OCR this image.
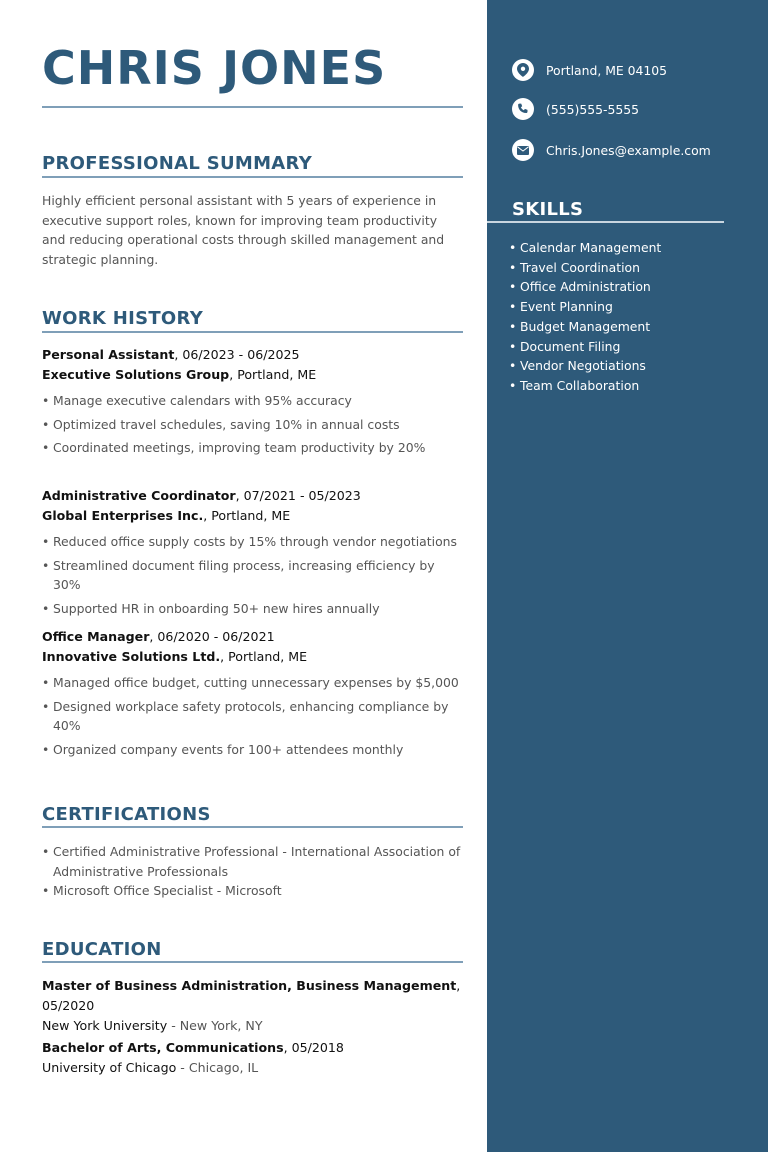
CHRIS JONES
PROFESSIONAL SUMMARY
Highly efficient personal assistant with 5 years of experience in executive support roles, known for improving team productivity and reducing operational costs through skilled management and strategic planning.
WORK HISTORY
Personal Assistant, 06/2023 - 06/2025
Executive Solutions Group, Portland, ME
• Manage executive calendars with 95% accuracy
• Optimized travel schedules, saving 10% in annual costs
• Coordinated meetings, improving team productivity by 20%
Administrative Coordinator, 07/2021 - 05/2023
Global Enterprises Inc., Portland, ME
• Reduced office supply costs by 15% through vendor negotiations
• Streamlined document filing process, increasing efficiency by 30%
• Supported HR in onboarding 50+ new hires annually
Office Manager, 06/2020 - 06/2021
Innovative Solutions Ltd., Portland, ME
• Managed office budget, cutting unnecessary expenses by $5,000
• Designed workplace safety protocols, enhancing compliance by 40%
• Organized company events for 100+ attendees monthly
CERTIFICATIONS
• Certified Administrative Professional - International Association of Administrative Professionals
• Microsoft Office Specialist - Microsoft
EDUCATION
Master of Business Administration, Business Management, 05/2020
New York University - New York, NY
Bachelor of Arts, Communications, 05/2018
University of Chicago - Chicago, IL
Portland, ME 04105
(555)555-5555
Chris.Jones@example.com
SKILLS
• Calendar Management
• Travel Coordination
• Office Administration
• Event Planning
• Budget Management
• Document Filing
• Vendor Negotiations
• Team Collaboration
